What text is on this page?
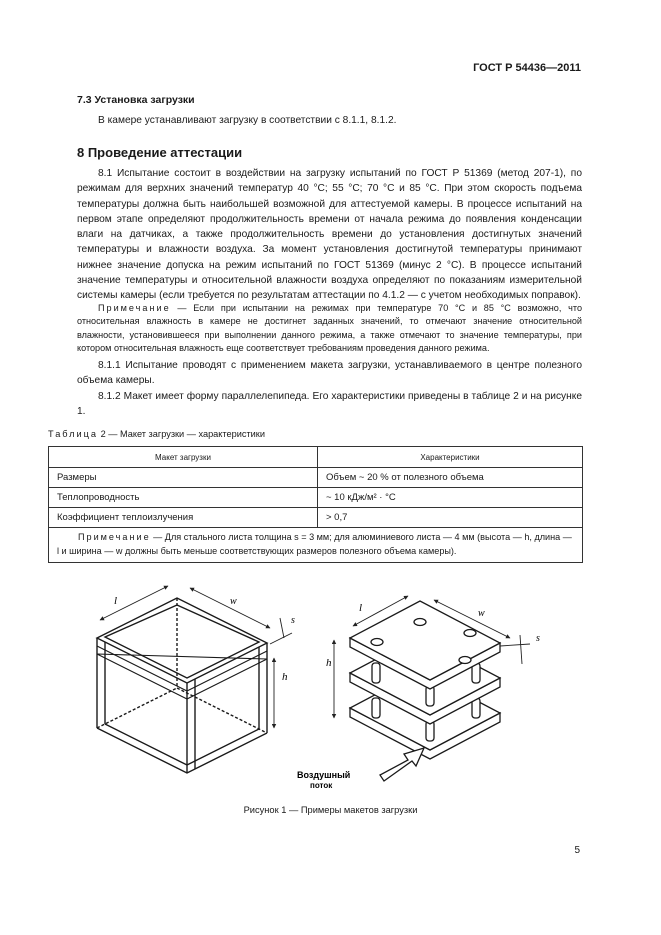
ГОСТ Р 54436—2011
7.3 Установка загрузки
В камере устанавливают загрузку в соответствии с 8.1.1, 8.1.2.
8 Проведение аттестации
8.1 Испытание состоит в воздействии на загрузку испытаний по ГОСТ Р 51369 (метод 207-1), по режимам для верхних значений температур 40 °С; 55 °С; 70 °С и 85 °С. При этом скорость подъема температуры должна быть наибольшей возможной для аттестуемой камеры. В процессе испытаний на первом этапе определяют продолжительность времени от начала режима до появления конденсации влаги на датчиках, а также продолжительность времени до установления достигнутых значений температуры и влажности воздуха. За момент установления достигнутой температуры принимают нижнее значение допуска на режим испытаний по ГОСТ 51369 (минус 2 °С). В процессе испытаний значение температуры и относительной влажности воздуха определяют по показаниям измерительной системы камеры (если требуется по результатам аттестации по 4.1.2 — с учетом необходимых поправок).
Примечание — Если при испытании на режимах при температуре 70 °С и 85 °С возможно, что относительная влажность в камере не достигнет заданных значений, то отмечают значение относительной влажности, установившееся при выполнении данного режима, а также отмечают то значение температуры, при котором относительная влажность еще соответствует требованиям проведения данного режима.
8.1.1 Испытание проводят с применением макета загрузки, устанавливаемого в центре полезного объема камеры.
8.1.2 Макет имеет форму параллелепипеда. Его характеристики приведены в таблице 2 и на рисунке 1.
Таблица 2 — Макет загрузки — характеристики
Макет загрузки	Характеристики
Размеры	Объем ~ 20 % от полезного объема
Теплопроводность	~ 10 кДж/м² · °С
Коэффициент теплоизлучения	> 0,7
Примечание — Для стального листа толщина s = 3 мм; для алюминиевого листа — 4 мм (высота — h, длина — l и ширина — w должны быть меньше соответствующих размеров полезного объема камеры).	
l	w
s
h
l	w
s
h
Воздушный
поток
Рисунок 1 — Примеры макетов загрузки
5
